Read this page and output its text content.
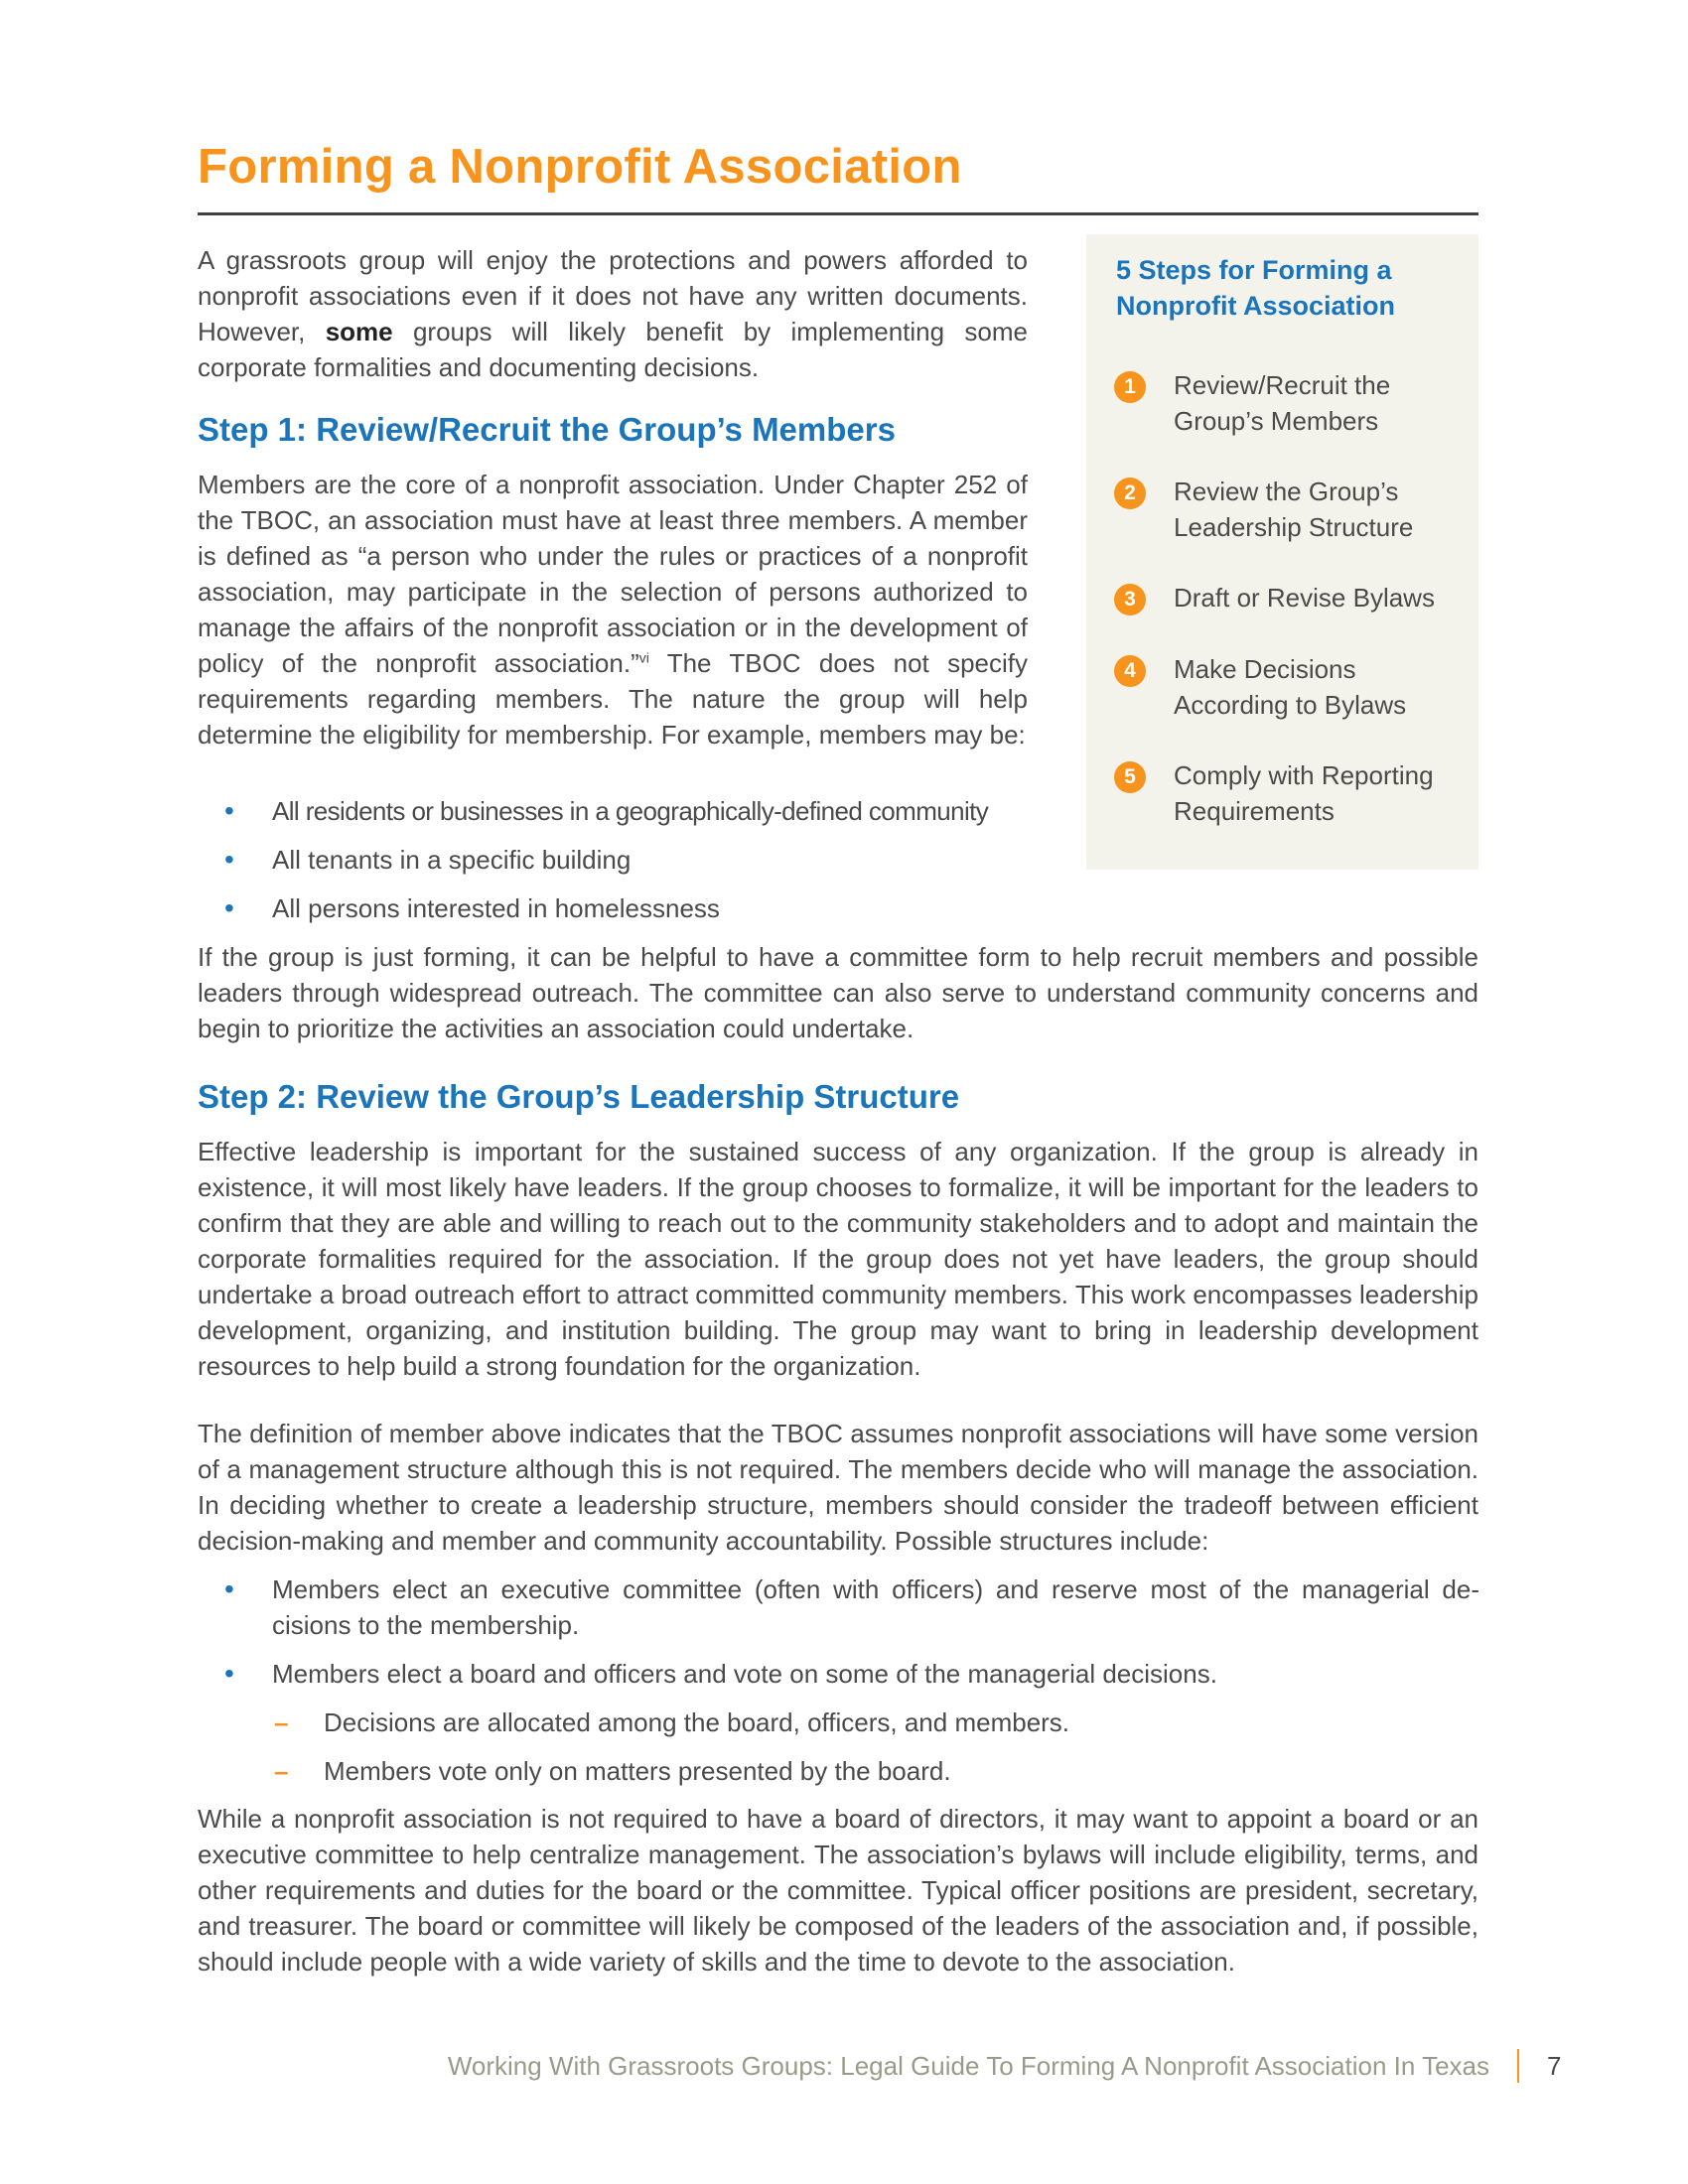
Forming a Nonprofit Association

A grassroots group will enjoy the protections and powers afforded to nonprofit associations even if it does not have any written documents. However, some groups will likely benefit by implementing some corporate formalities and documenting decisions.

Step 1: Review/Recruit the Group’s Members

Members are the core of a nonprofit association. Under Chapter 252 of the TBOC, an association must have at least three members. A member is defined as “a person who under the rules or practices of a nonprofit association, may participate in the selection of persons authorized to manage the affairs of the nonprofit association or in the development of policy of the nonprofit association.”$^{vi}$ The TBOC does not specify requirements regarding members. The nature the group will help determine the eligibility for membership. For example, members may be:

• All residents or businesses in a geographically-defined community
• All tenants in a specific building
• All persons interested in homelessness

If the group is just forming, it can be helpful to have a committee form to help recruit members and possible leaders through widespread outreach. The committee can also serve to understand community concerns and begin to prioritize the activities an association could undertake.

Step 2: Review the Group’s Leadership Structure

Effective leadership is important for the sustained success of any organization. If the group is already in existence, it will most likely have leaders. If the group chooses to formalize, it will be important for the leaders to confirm that they are able and willing to reach out to the community stakeholders and to adopt and maintain the corporate formalities required for the association. If the group does not yet have leaders, the group should undertake a broad outreach effort to attract committed community members. This work encompasses leadership development, organizing, and institution building. The group may want to bring in leadership development resources to help build a strong foundation for the organization.

The definition of member above indicates that the TBOC assumes nonprofit associations will have some version of a management structure although this is not required. The members decide who will manage the association. In deciding whether to create a leadership structure, members should consider the tradeoff between efficient decision-making and member and community accountability. Possible structures include:

• Members elect an executive committee (often with officers) and reserve most of the managerial de-cisions to the membership.
• Members elect a board and officers and vote on some of the managerial decisions.
– Decisions are allocated among the board, officers, and members.
– Members vote only on matters presented by the board.

While a nonprofit association is not required to have a board of directors, it may want to appoint a board or an executive committee to help centralize management. The association’s bylaws will include eligibility, terms, and other requirements and duties for the board or the committee. Typical officer positions are president, secretary, and treasurer. The board or committee will likely be composed of the leaders of the association and, if possible, should include people with a wide variety of skills and the time to devote to the association.

5 Steps for Forming a Nonprofit Association
1	Review/Recruit the Group’s Members
2	Review the Group’s Leadership Structure
3	Draft or Revise Bylaws
4	Make Decisions According to Bylaws
5	Comply with Reporting Requirements
Working With Grassroots Groups: Legal Guide To Forming A Nonprofit Association In Texas 7
